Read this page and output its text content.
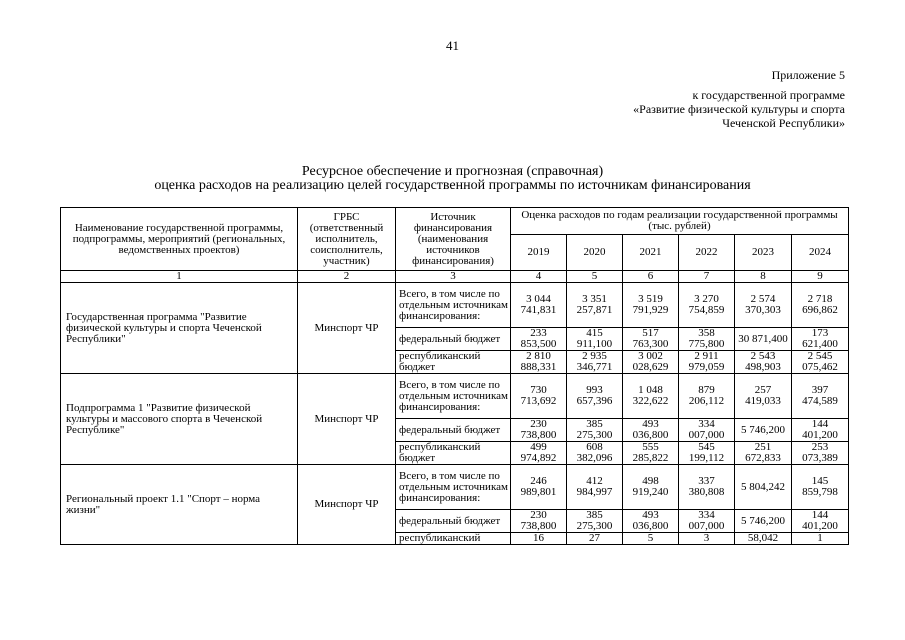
41
Приложение 5
к государственной программе
«Развитие физической культуры и спорта
Чеченской Республики»
Ресурсное обеспечение и прогнозная (справочная)
оценка расходов на реализацию целей государственной программы по источникам финансирования
Наименование государственной программы, подпрограммы, мероприятий (региональных, ведомственных проектов)	ГРБС (ответственный исполнитель, соисполнитель, участник)	Источник финансирования (наименования источников финансирования)	Оценка расходов по годам реализации государственной программы (тыс. рублей)					
			2019	2020	2021	2022	2023	2024
1	2	3	4	5	6	7	8	9
Государственная программа "Развитие физической культуры и спорта Чеченской Республики"	Минспорт ЧР	Всего, в том числе по отдельным источникам финансирования:	3 044 741,831	3 351 257,871	3 519 791,929	3 270 754,859	2 574 370,303	2 718 696,862
		федеральный бюджет	233 853,500	415 911,100	517 763,300	358 775,800	30 871,400	173 621,400
		республиканский бюджет	2 810 888,331	2 935 346,771	3 002 028,629	2 911 979,059	2 543 498,903	2 545 075,462
Подпрограмма 1 "Развитие физической культуры и массового спорта в Чеченской Республике"	Минспорт ЧР	Всего, в том числе по отдельным источникам финансирования:	730 713,692	993 657,396	1 048 322,622	879 206,112	257 419,033	397 474,589
		федеральный бюджет	230 738,800	385 275,300	493 036,800	334 007,000	5 746,200	144 401,200
		республиканский бюджет	499 974,892	608 382,096	555 285,822	545 199,112	251 672,833	253 073,389
Региональный проект 1.1 "Спорт – норма жизни"	Минспорт ЧР	Всего, в том числе по отдельным источникам финансирования:	246 989,801	412 984,997	498 919,240	337 380,808	5 804,242	145 859,798
		федеральный бюджет	230 738,800	385 275,300	493 036,800	334 007,000	5 746,200	144 401,200
		республиканский	16	27	5	3	58,042	1
